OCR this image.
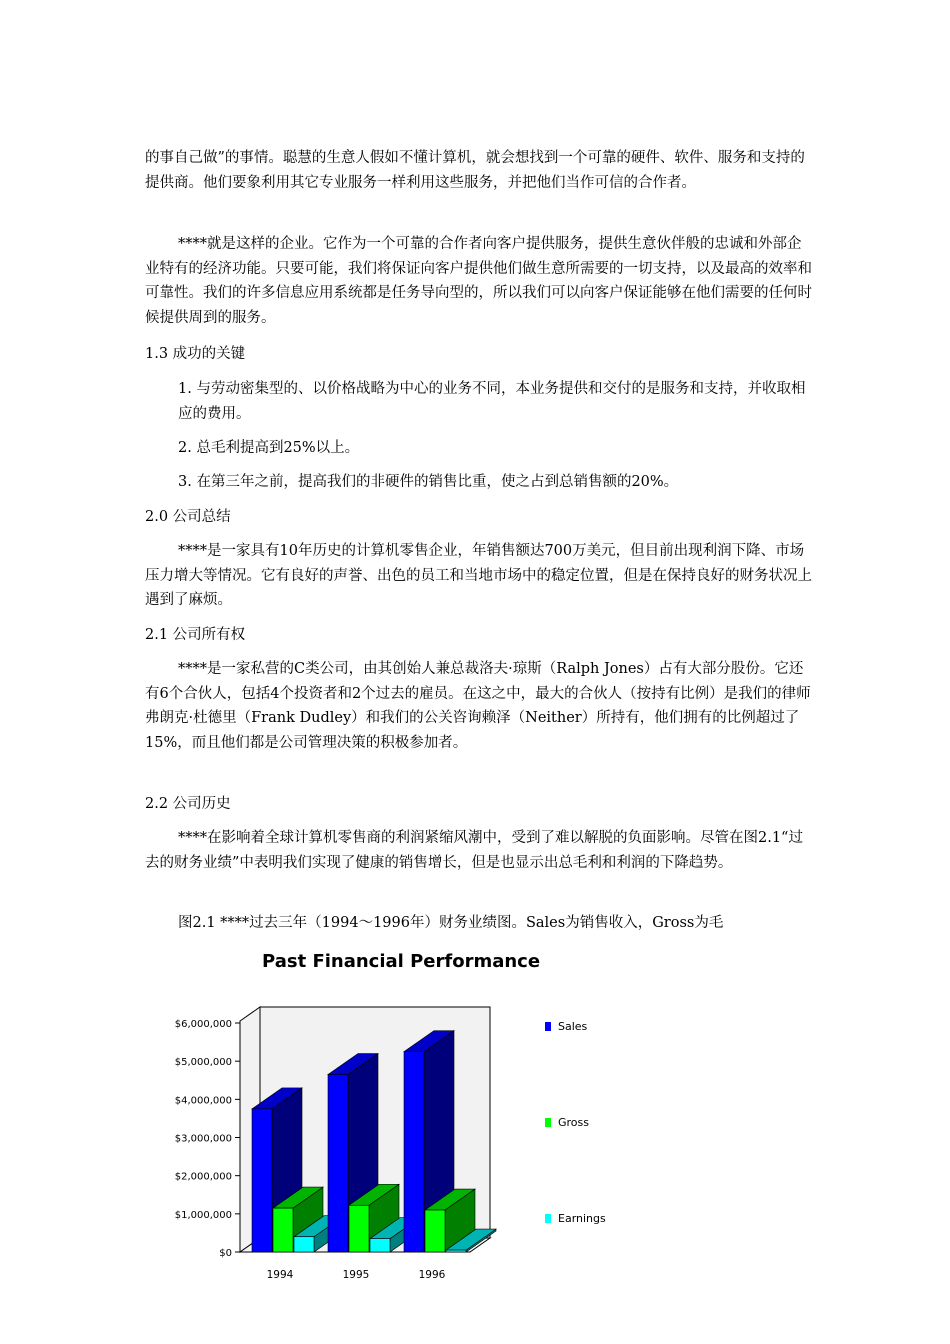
的事自己做”的事情。聪慧的生意人假如不懂计算机，就会想找到一个可靠的硬件、软件、服务和支持的提供商。他们要象利用其它专业服务一样利用这些服务，并把他们当作可信的合作者。

****就是这样的企业。它作为一个可靠的合作者向客户提供服务，提供生意伙伴般的忠诚和外部企业特有的经济功能。只要可能，我们将保证向客户提供他们做生意所需要的一切支持，以及最高的效率和可靠性。我们的许多信息应用系统都是任务导向型的，所以我们可以向客户保证能够在他们需要的任何时候提供周到的服务。

1.3 成功的关键

1. 与劳动密集型的、以价格战略为中心的业务不同，本业务提供和交付的是服务和支持，并收取相应的费用。

2. 总毛利提高到25%以上。
3. 在第三年之前，提高我们的非硬件的销售比重，使之占到总销售额的20%。
2.0 公司总结

****是一家具有10年历史的计算机零售企业，年销售额达700万美元，但目前出现利润下降、市场压力增大等情况。它有良好的声誉、出色的员工和当地市场中的稳定位置，但是在保持良好的财务状况上遇到了麻烦。

2.1 公司所有权

****是一家私营的C类公司，由其创始人兼总裁洛夫·琼斯（Ralph Jones）占有大部分股份。它还有6个合伙人，包括4个投资者和2个过去的雇员。在这之中，最大的合伙人（按持有比例）是我们的律师弗朗克·杜德里（Frank Dudley）和我们的公关咨询赖泽（Neither）所持有，他们拥有的比例超过了15%，而且他们都是公司管理决策的积极参加者。

2.2 公司历史

****在影响着全球计算机零售商的利润紧缩风潮中，受到了难以解脱的负面影响。尽管在图2.1“过去的财务业绩”中表明我们实现了健康的销售增长，但是也显示出总毛利和利润的下降趋势。

图2.1 ****过去三年（1994～1996年）财务业绩图。Sales为销售收入，Gross为毛
Past Financial Performance
$0
$1,000,000
$2,000,000
$3,000,000
$4,000,000
$5,000,000
$6,000,000
1994	1995	1996
Sales
Gross
Earnings
